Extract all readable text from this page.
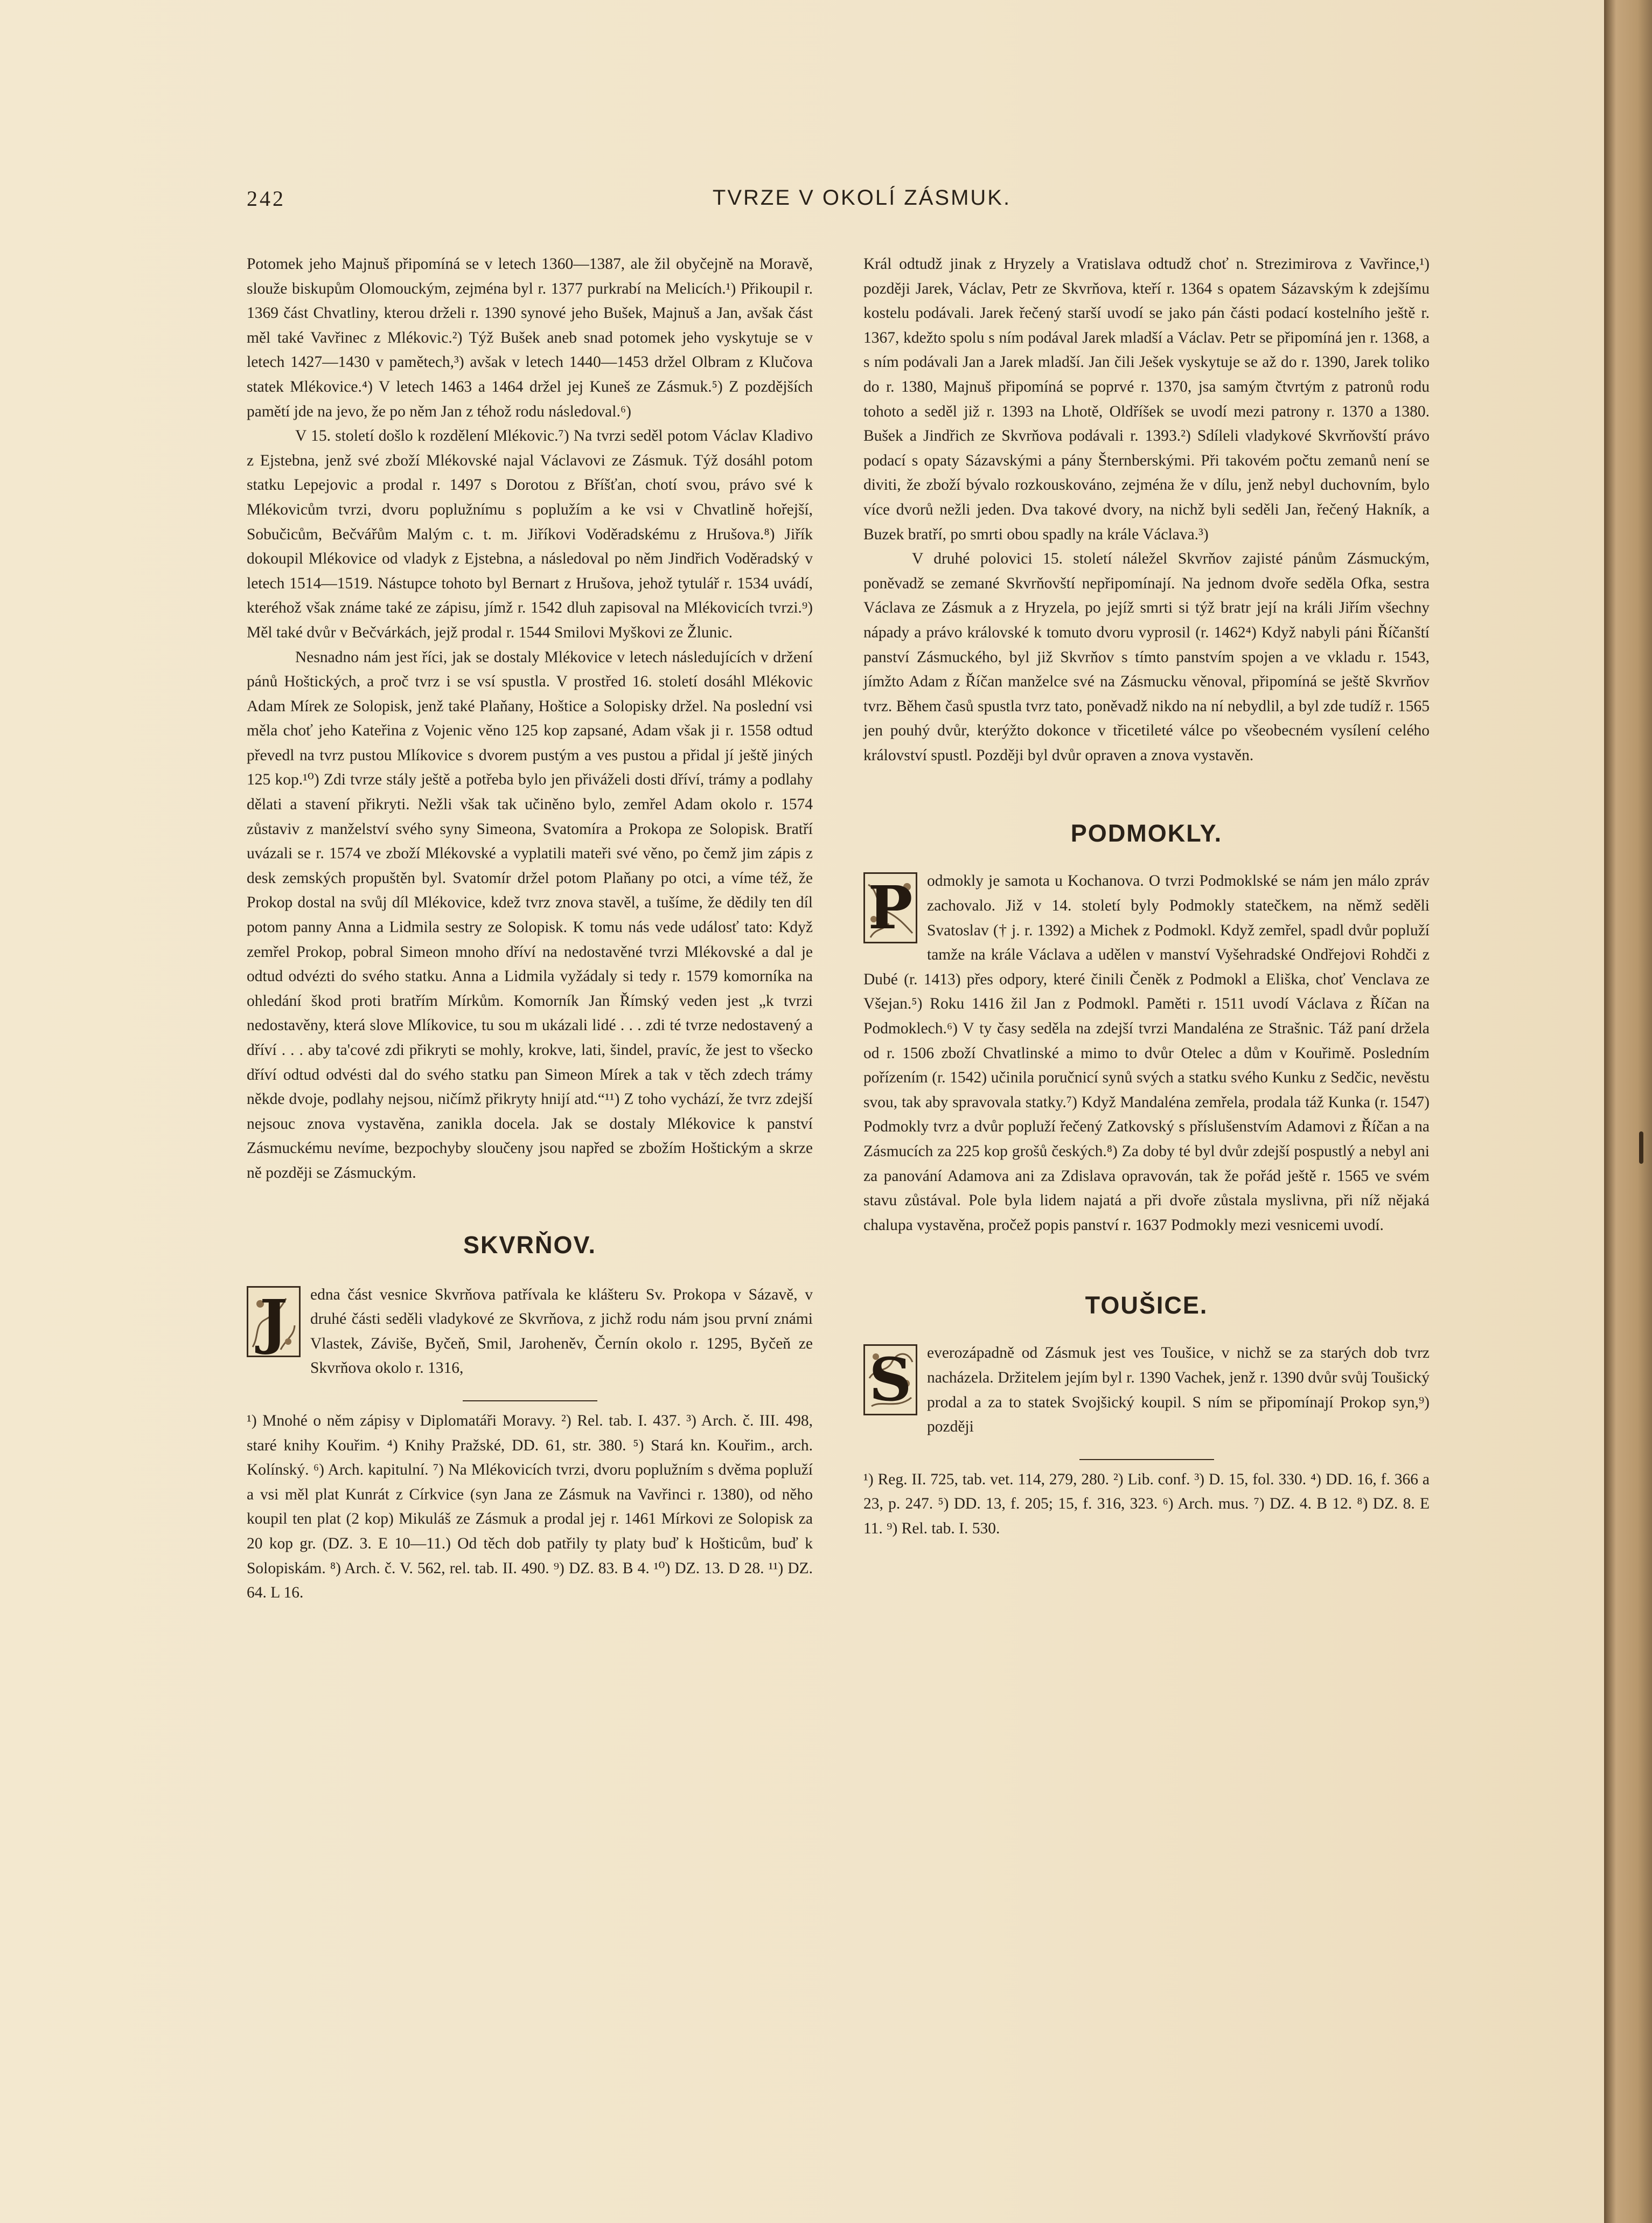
242	TVRZE V OKOLÍ ZÁSMUK.

Potomek jeho Majnuš připomíná se v letech 1360—1387, ale žil obyčejně na Moravě, slouže biskupům Olomouckým, zejména byl r. 1377 purkrabí na Melicích.¹) Přikoupil r. 1369 část Chvatliny, kterou drželi r. 1390 synové jeho Bušek, Majnuš a Jan, avšak část měl také Vavřinec z Mlékovic.²) Týž Bušek aneb snad potomek jeho vyskytuje se v letech 1427—1430 v pamětech,³) avšak v letech 1440—1453 držel Olbram z Klučova statek Mlékovice.⁴) V letech 1463 a 1464 držel jej Kuneš ze Zásmuk.⁵) Z pozdějších pamětí jde na jevo, že po něm Jan z téhož rodu následoval.⁶)

V 15. století došlo k rozdělení Mlékovic.⁷) Na tvrzi seděl potom Václav Kladivo z Ejstebna, jenž své zboží Mlékovské najal Václavovi ze Zásmuk. Týž dosáhl potom statku Lepejovic a prodal r. 1497 s Dorotou z Bříšťan, chotí svou, právo své k Mlékovicům tvrzi, dvoru poplužnímu s poplužím a ke vsi v Chvatlině hořejší, Sobučicům, Bečvářům Malým c. t. m. Jiříkovi Voděradskému z Hrušova.⁸) Jiřík dokoupil Mlékovice od vladyk z Ejstebna, a následoval po něm Jindřich Voděradský v letech 1514—1519. Nástupce tohoto byl Bernart z Hrušova, jehož tytulář r. 1534 uvádí, kteréhož však známe také ze zápisu, jímž r. 1542 dluh zapisoval na Mlékovicích tvrzi.⁹) Měl také dvůr v Bečvárkách, jejž prodal r. 1544 Smilovi Myškovi ze Žlunic.

Nesnadno nám jest říci, jak se dostaly Mlékovice v letech následujících v držení pánů Hoštických, a proč tvrz i se vsí spustla. V prostřed 16. století dosáhl Mlékovic Adam Mírek ze Solopisk, jenž také Plaňany, Hoštice a Solopisky držel. Na poslední vsi měla choť jeho Kateřina z Vojenic věno 125 kop zapsané, Adam však ji r. 1558 odtud převedl na tvrz pustou Mlíkovice s dvorem pustým a ves pustou a přidal jí ještě jiných 125 kop.¹⁰) Zdi tvrze stály ještě a potřeba bylo jen přiváželi dosti dříví, trámy a podlahy dělati a stavení přikryti. Nežli však tak učiněno bylo, zemřel Adam okolo r. 1574 zůstaviv z manželství svého syny Simeona, Svatomíra a Prokopa ze Solopisk. Bratří uvázali se r. 1574 ve zboží Mlékovské a vyplatili mateři své věno, po čemž jim zápis z desk zemských propuštěn byl. Svatomír držel potom Plaňany po otci, a víme též, že Prokop dostal na svůj díl Mlékovice, kdež tvrz znova stavěl, a tušíme, že dědily ten díl potom panny Anna a Lidmila sestry ze Solopisk. K tomu nás vede událosť tato: Když zemřel Prokop, pobral Simeon mnoho dříví na nedostavěné tvrzi Mlékovské a dal je odtud odvézti do svého statku. Anna a Lidmila vyžádaly si tedy r. 1579 komorníka na ohledání škod proti bratřím Mírkům. Komorník Jan Římský veden jest „k tvrzi nedostavěny, která slove Mlíkovice, tu sou m ukázali lidé . . . zdi té tvrze nedostavený a dříví . . . aby ta'cové zdi přikryti se mohly, krokve, lati, šindel, pravíc, že jest to všecko dříví odtud odvésti dal do svého statku pan Simeon Mírek a tak v těch zdech trámy někde dvoje, podlahy nejsou, ničímž přikryty hnijí atd.“¹¹) Z toho vychází, že tvrz zdejší nejsouc znova vystavěna, zanikla docela. Jak se dostaly Mlékovice k panství Zásmuckému nevíme, bezpochyby sloučeny jsou napřed se zbožím Hoštickým a skrze ně později se Zásmuckým.

SKVRŇOV.

J	edna část vesnice Skvrňova patřívala ke klášteru Sv. Prokopa v Sázavě, v druhé části seděli vladykové ze Skvrňova, z jichž rodu nám jsou první známi Vlastek, Záviše, Byčeň, Smil, Jaroheněv, Černín okolo r. 1295, Byčeň ze Skvrňova okolo r. 1316,

¹) Mnohé o něm zápisy v Diplomatáři Moravy. ²) Rel. tab. I. 437. ³) Arch. č. III. 498, staré knihy Kouřim. ⁴) Knihy Pražské, DD. 61, str. 380. ⁵) Stará kn. Kouřim., arch. Kolínský. ⁶) Arch. kapitulní. ⁷) Na Mlékovicích tvrzi, dvoru poplužním s dvěma popluží a vsi měl plat Kunrát z Církvice (syn Jana ze Zásmuk na Vavřinci r. 1380), od něho koupil ten plat (2 kop) Mikuláš ze Zásmuk a prodal jej r. 1461 Mírkovi ze Solopisk za 20 kop gr. (DZ. 3. E 10—11.) Od těch dob patřily ty platy buď k Hošticům, buď k Solopiskám. ⁸) Arch. č. V. 562, rel. tab. II. 490. ⁹) DZ. 83. B 4. ¹⁰) DZ. 13. D 28. ¹¹) DZ. 64. L 16.

Král odtudž jinak z Hryzely a Vratislava odtudž choť n. Strezimirova z Vavřince,¹) později Jarek, Václav, Petr ze Skvrňova, kteří r. 1364 s opatem Sázavským k zdejšímu kostelu podávali. Jarek řečený starší uvodí se jako pán části podací kostelního ještě r. 1367, kdežto spolu s ním podával Jarek mladší a Václav. Petr se připomíná jen r. 1368, a s ním podávali Jan a Jarek mladší. Jan čili Ješek vyskytuje se až do r. 1390, Jarek toliko do r. 1380, Majnuš připomíná se poprvé r. 1370, jsa samým čtvrtým z patronů rodu tohoto a seděl již r. 1393 na Lhotě, Oldříšek se uvodí mezi patrony r. 1370 a 1380. Bušek a Jindřich ze Skvrňova podávali r. 1393.²) Sdíleli vladykové Skvrňovští právo podací s opaty Sázavskými a pány Šternberskými. Při takovém počtu zemanů není se diviti, že zboží bývalo rozkouskováno, zejména že v dílu, jenž nebyl duchovním, bylo více dvorů nežli jeden. Dva takové dvory, na nichž byli seděli Jan, řečený Hakník, a Buzek bratří, po smrti obou spadly na krále Václava.³)

V druhé polovici 15. století náležel Skvrňov zajisté pánům Zásmuckým, poněvadž se zemané Skvrňovští nepřipomínají. Na jednom dvoře seděla Ofka, sestra Václava ze Zásmuk a z Hryzela, po jejíž smrti si týž bratr její na králi Jiřím všechny nápady a právo královské k tomuto dvoru vyprosil (r. 1462⁴) Když nabyli páni Říčanští panství Zásmuckého, byl již Skvrňov s tímto panstvím spojen a ve vkladu r. 1543, jímžto Adam z Říčan manželce své na Zásmucku věnoval, připomíná se ještě Skvrňov tvrz. Během časů spustla tvrz tato, poněvadž nikdo na ní nebydlil, a byl zde tudíž r. 1565 jen pouhý dvůr, kterýžto dokonce v třicetileté válce po všeobecném vysílení celého království spustl. Později byl dvůr opraven a znova vystavěn.

PODMOKLY.

P odmokly je samota u Kochanova. O tvrzi Podmoklské se nám jen málo zpráv zachovalo. Již v 14. století byly Podmokly statečkem, na němž seděli Svatoslav († j. r. 1392) a Michek z Podmokl. Když zemřel, spadl dvůr popluží tamže na krále Václava a udělen v manství Vyšehradské Ondřejovi Rohdči z Dubé (r. 1413) přes odpory, které činili Čeněk z Podmokl a Eliška, choť Venclava ze Všejan.⁵) Roku 1416 žil Jan z Podmokl. Paměti r. 1511 uvodí Václava z Říčan na Podmoklech.⁶) V ty časy seděla na zdejší tvrzi Mandaléna ze Strašnic. Táž paní držela od r. 1506 zboží Chvatlinské a mimo to dvůr Otelec a dům v Kouřimě. Posledním pořízením (r. 1542) učinila poručnicí synů svých a statku svého Kunku z Sedčic, nevěstu svou, tak aby spravovala statky.⁷) Když Mandaléna zemřela, prodala táž Kunka (r. 1547) Podmokly tvrz a dvůr popluží řečený Zatkovský s příslušenstvím Adamovi z Říčan a na Zásmucích za 225 kop grošů českých.⁸) Za doby té byl dvůr zdejší pospustlý a nebyl ani za panování Adamova ani za Zdislava opravován, tak že pořád ještě r. 1565 ve svém stavu zůstával. Pole byla lidem najatá a při dvoře zůstala myslivna, při níž nějaká chalupa vystavěna, pročež popis panství r. 1637 Podmokly mezi vesnicemi uvodí.

TOUŠICE.

S everozápadně od Zásmuk jest ves Toušice, v nichž se za starých dob tvrz nacházela. Držitelem jejím byl r. 1390 Vachek, jenž r. 1390 dvůr svůj Toušický prodal a za to statek Svojšický koupil. S ním se připomínají Prokop syn,⁹) později

¹) Reg. II. 725, tab. vet. 114, 279, 280. ²) Lib. conf. ³) D. 15, fol. 330. ⁴) DD. 16, f. 366 a 23, p. 247. ⁵) DD. 13, f. 205; 15, f. 316, 323. ⁶) Arch. mus. ⁷) DZ. 4. B 12. ⁸) DZ. 8. E 11. ⁹) Rel. tab. I. 530.
